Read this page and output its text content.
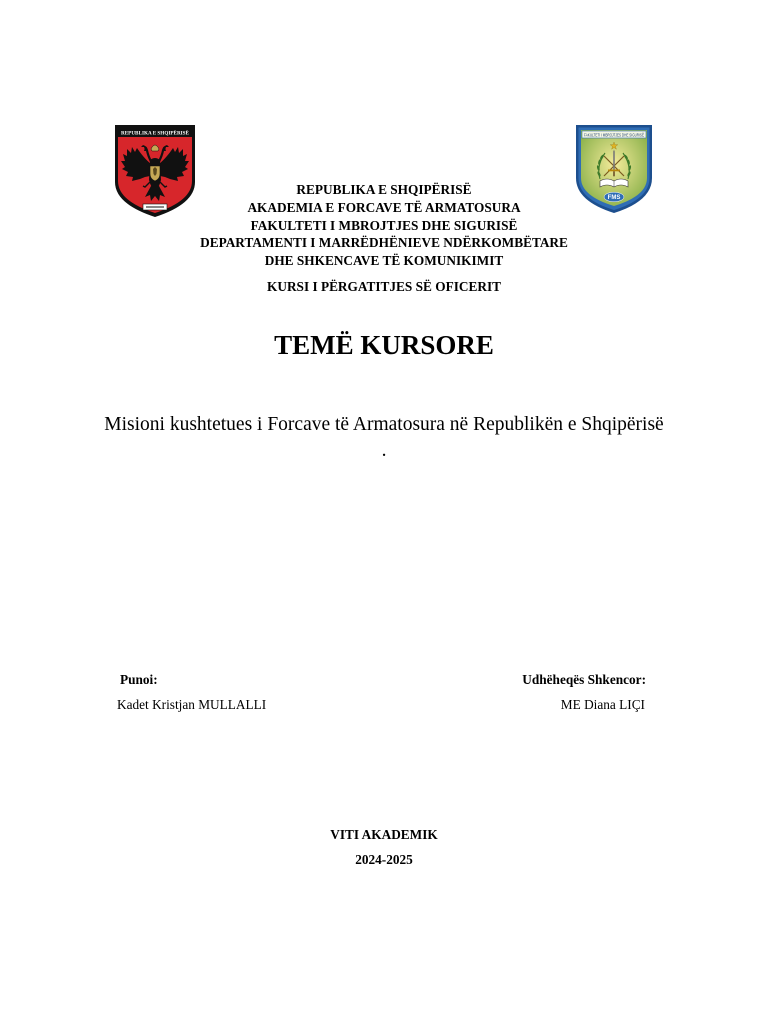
REPUBLIKA E SHQIPËRISË	FAKULTETI I MBROJTJES DHE SIGURISË
FMS
REPUBLIKA E SHQIPËRISË
AKADEMIA E FORCAVE TË ARMATOSURA
FAKULTETI I MBROJTJES DHE SIGURISË
DEPARTAMENTI I MARRËDHËNIEVE NDËRKOMBËTARE
DHE SHKENCAVE TË KOMUNIKIMIT
KURSI I PËRGATITJES SË OFICERIT
TEMË KURSORE
Misioni kushtetues i Forcave të Armatosura në Republikën e Shqipërisë .
Punoi:
Kadet Kristjan MULLALLI
Udhëheqës Shkencor:
ME Diana LIÇI
VITI AKADEMIK
2024-2025
